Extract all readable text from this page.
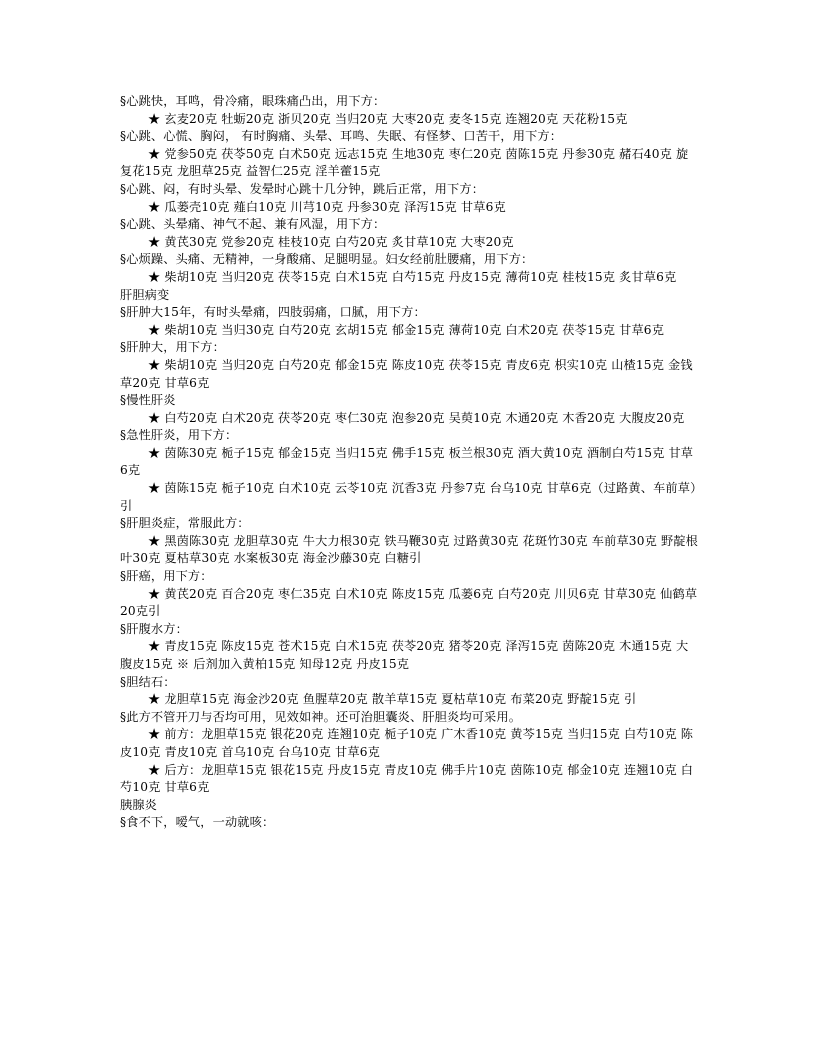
§心跳快，耳鸣，骨冷痛，眼珠痛凸出，用下方：

★ 玄麦20克 牡蛎20克 浙贝20克 当归20克 大枣20克 麦冬15克 连翘20克 天花粉15克

§心跳、心慌、胸闷， 有时胸痛、头晕、耳鸣、失眠、有怪梦、口苦干，用下方：

★ 党参50克 茯苓50克 白术50克 远志15克 生地30克 枣仁20克 茵陈15克 丹参30克 赭石40克 旋复花15克 龙胆草25克 益智仁25克 淫羊藿15克

§心跳、闷，有时头晕、发晕时心跳十几分钟，跳后正常，用下方：

★ 瓜蒌壳10克 薤白10克 川芎10克 丹参30克 泽泻15克 甘草6克

§心跳、头晕痛、神气不起、兼有风湿，用下方：

★ 黄芪30克 党参20克 桂枝10克 白芍20克 炙甘草10克 大枣20克

§心烦躁、头痛、无精神，一身酸痛、足腿明显。妇女经前肚腰痛，用下方：

★ 柴胡10克 当归20克 茯苓15克 白术15克 白芍15克 丹皮15克 薄荷10克 桂枝15克 炙甘草6克

肝胆病变

§肝肿大15年，有时头晕痛，四肢弱痛，口腻，用下方：

★ 柴胡10克 当归30克 白芍20克 玄胡15克 郁金15克 薄荷10克 白术20克 茯苓15克 甘草6克

§肝肿大，用下方：

★ 柴胡10克 当归20克 白芍20克 郁金15克 陈皮10克 茯苓15克 青皮6克 枳实10克 山楂15克 金钱草20克 甘草6克

§慢性肝炎

★ 白芍20克 白术20克 茯苓20克 枣仁30克 泡参20克 吴萸10克 木通20克 木香20克 大腹皮20克

§急性肝炎，用下方：

★ 茵陈30克 栀子15克 郁金15克 当归15克 佛手15克 板兰根30克 酒大黄10克 酒制白芍15克 甘草6克

★ 茵陈15克 栀子10克 白术10克 云苓10克 沉香3克 丹参7克 台乌10克 甘草6克（过路黄、车前草）引

§肝胆炎症，常服此方：

★ 黑茵陈30克 龙胆草30克 牛大力根30克 铁马鞭30克 过路黄30克 花斑竹30克 车前草30克 野靛根叶30克 夏枯草30克 水案板30克 海金沙藤30克 白糖引

§肝癌，用下方：

★ 黄芪20克 百合20克 枣仁35克 白术10克 陈皮15克 瓜蒌6克 白芍20克 川贝6克 甘草30克 仙鹤草20克引

§肝腹水方：

★ 青皮15克 陈皮15克 苍术15克 白术15克 茯苓20克 猪苓20克 泽泻15克 茵陈20克 木通15克 大腹皮15克 ※ 后剂加入黄柏15克 知母12克 丹皮15克

§胆结石：

★ 龙胆草15克 海金沙20克 鱼腥草20克 散羊草15克 夏枯草10克 布菜20克 野靛15克 引

§此方不管开刀与否均可用，见效如神。还可治胆囊炎、肝胆炎均可采用。

★ 前方：龙胆草15克 银花20克 连翘10克 栀子10克 广木香10克 黄芩15克 当归15克 白芍10克 陈皮10克 青皮10克 首乌10克 台乌10克 甘草6克

★ 后方：龙胆草15克 银花15克 丹皮15克 青皮10克 佛手片10克 茵陈10克 郁金10克 连翘10克 白芍10克 甘草6克

胰腺炎

§食不下，嗳气，一动就咳：
